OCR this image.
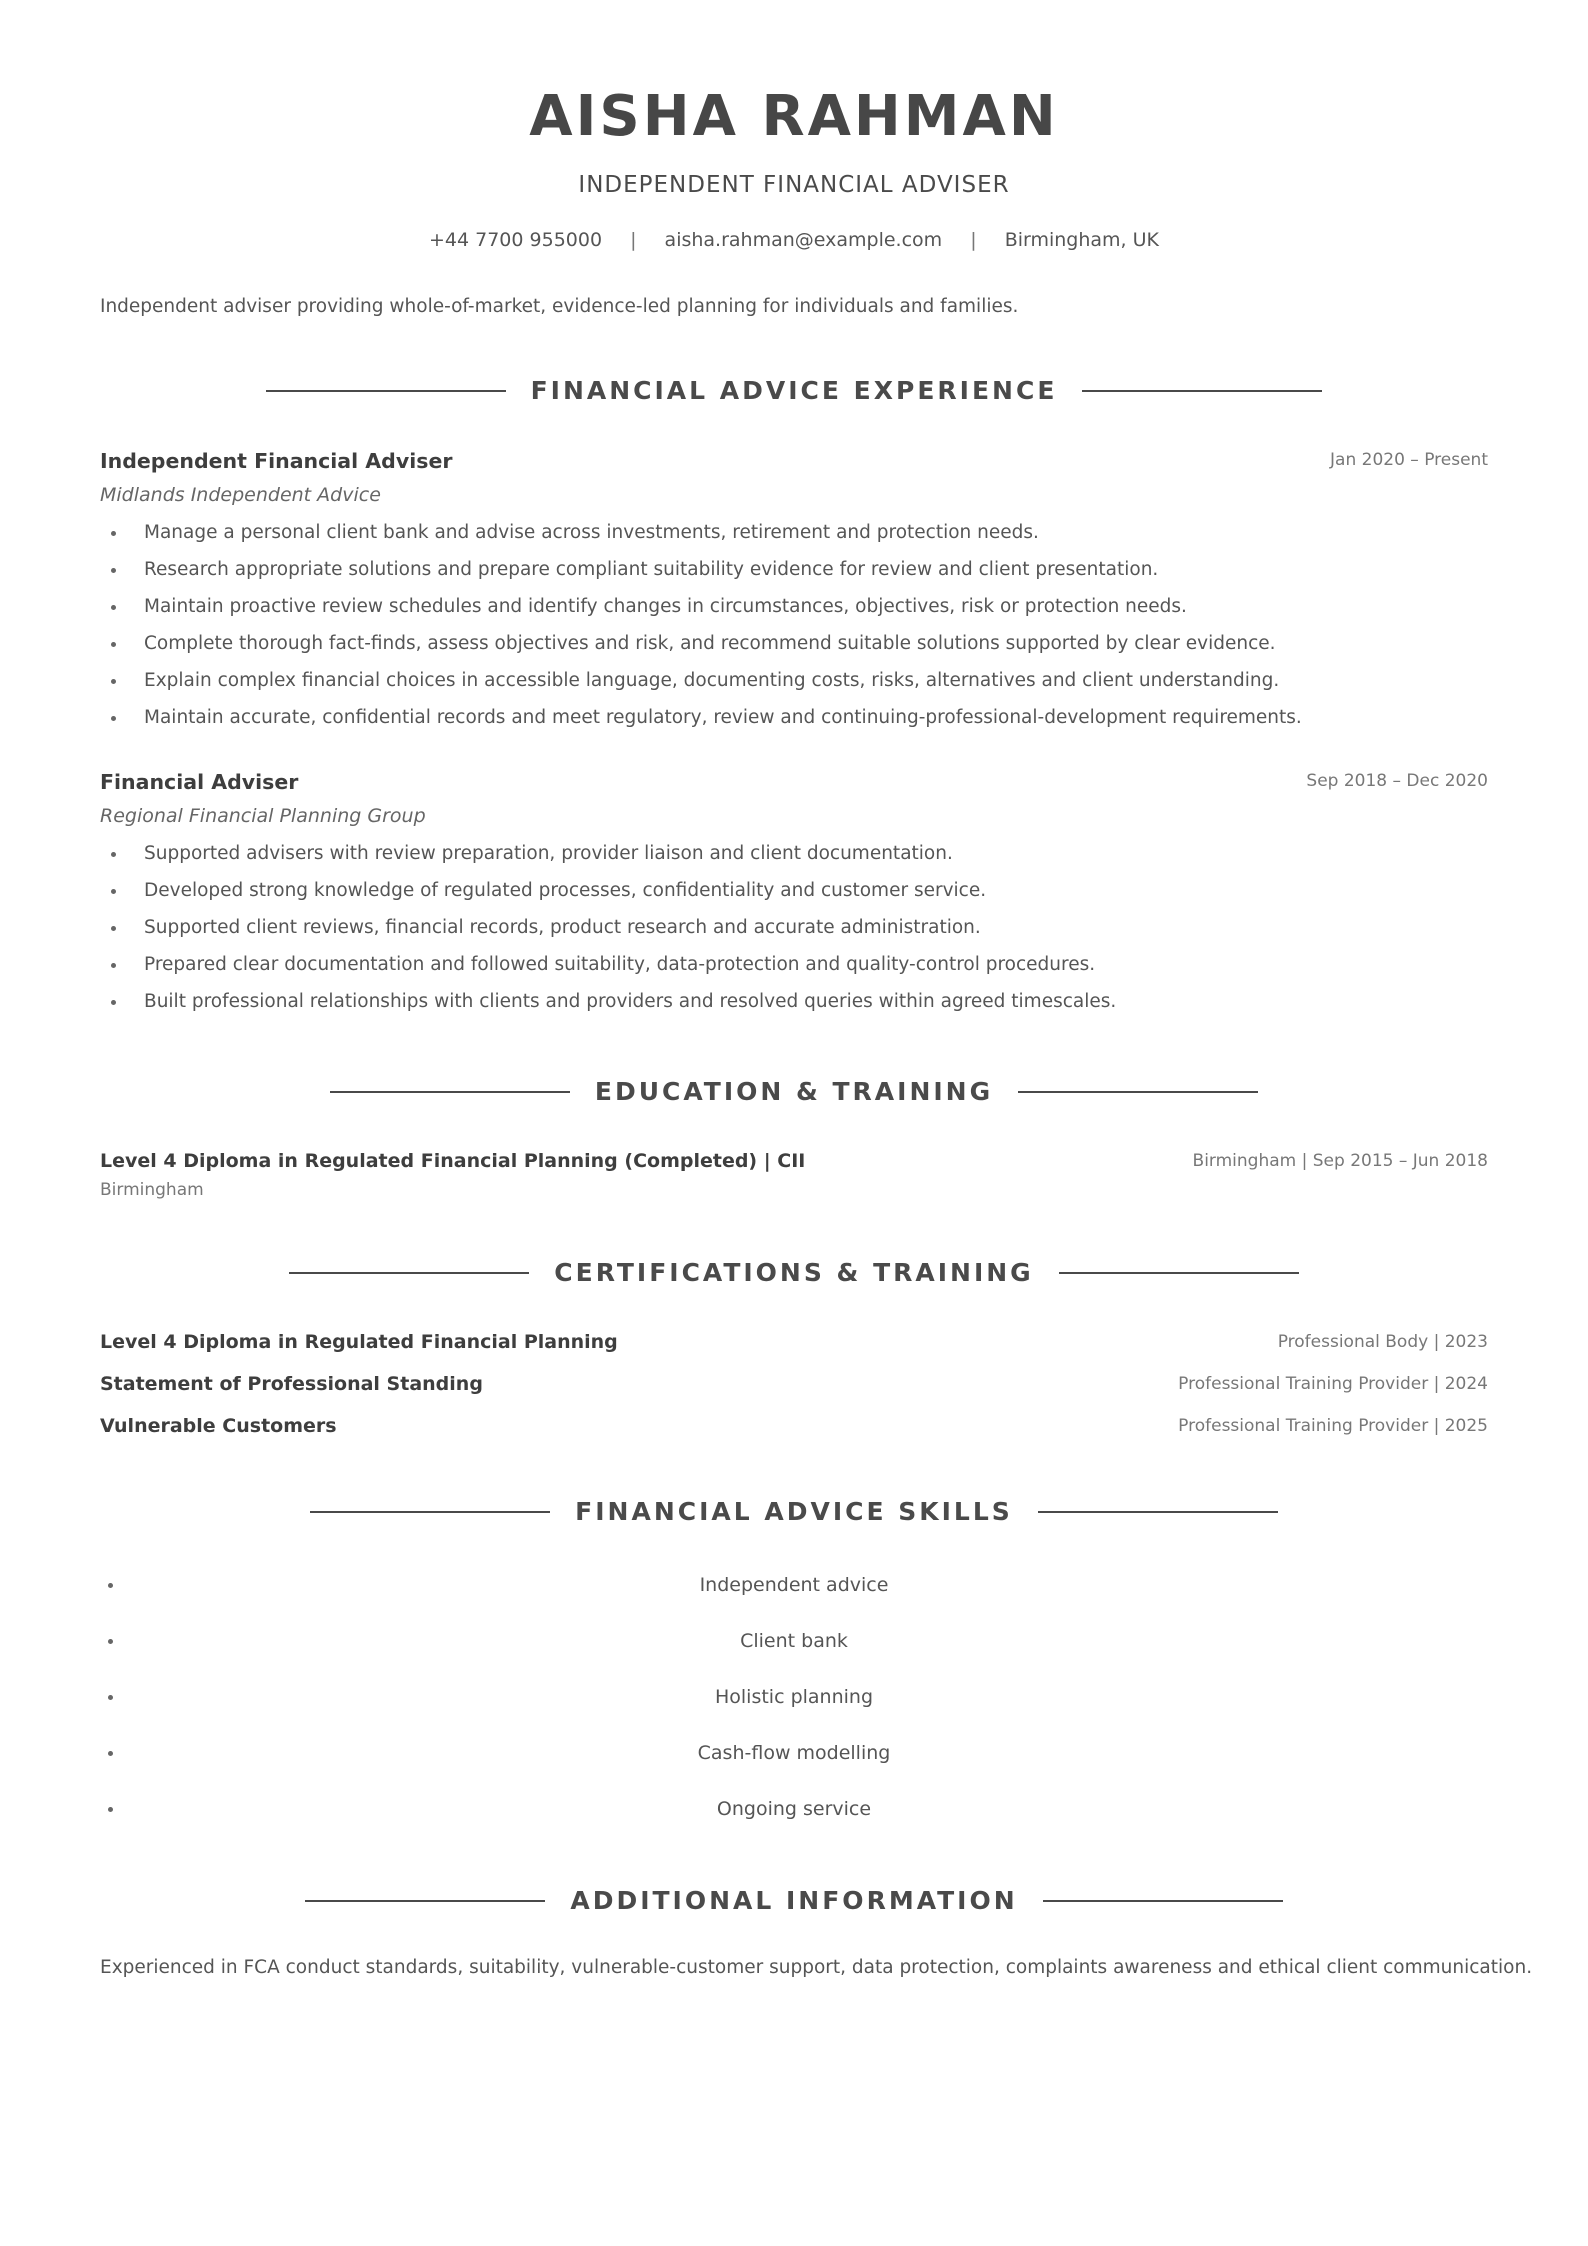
AISHA RAHMAN
INDEPENDENT FINANCIAL ADVISER
+44 7700 955000 | aisha.rahman@example.com | Birmingham, UK
Independent adviser providing whole-of-market, evidence-led planning for individuals and families.
FINANCIAL ADVICE EXPERIENCE
Independent Financial Adviser	Jan 2020 – Present
Midlands Independent Advice
Manage a personal client bank and advise across investments, retirement and protection needs.
Research appropriate solutions and prepare compliant suitability evidence for review and client presentation.
Maintain proactive review schedules and identify changes in circumstances, objectives, risk or protection needs.
Complete thorough fact-finds, assess objectives and risk, and recommend suitable solutions supported by clear evidence.
Explain complex financial choices in accessible language, documenting costs, risks, alternatives and client understanding.
Maintain accurate, confidential records and meet regulatory, review and continuing-professional-development requirements.
Financial Adviser	Sep 2018 – Dec 2020
Regional Financial Planning Group
Supported advisers with review preparation, provider liaison and client documentation.
Developed strong knowledge of regulated processes, confidentiality and customer service.
Supported client reviews, financial records, product research and accurate administration.
Prepared clear documentation and followed suitability, data-protection and quality-control procedures.
Built professional relationships with clients and providers and resolved queries within agreed timescales.
EDUCATION & TRAINING
Level 4 Diploma in Regulated Financial Planning (Completed) | CII	Birmingham | Sep 2015 – Jun 2018
Birmingham
CERTIFICATIONS & TRAINING
Level 4 Diploma in Regulated Financial Planning	Professional Body | 2023
Statement of Professional Standing	Professional Training Provider | 2024
Vulnerable Customers	Professional Training Provider | 2025
FINANCIAL ADVICE SKILLS
Independent advice
Client bank
Holistic planning
Cash-flow modelling
Ongoing service
ADDITIONAL INFORMATION
Experienced in FCA conduct standards, suitability, vulnerable-customer support, data protection, complaints awareness and ethical client communication.
